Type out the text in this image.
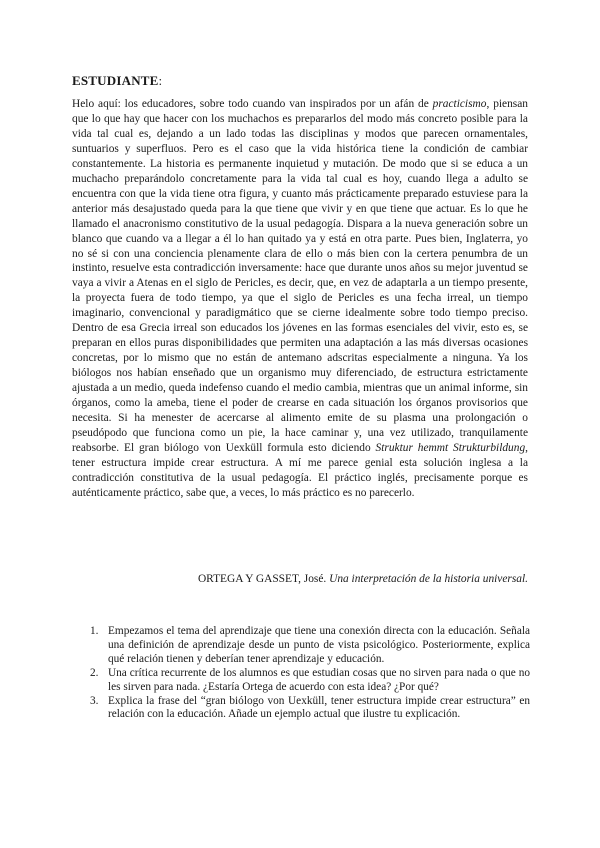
ESTUDIANTE:

Helo aquí: los educadores, sobre todo cuando van inspirados por un afán de practicismo, piensan que lo que hay que hacer con los muchachos es prepararlos del modo más concreto posible para la vida tal cual es, dejando a un lado todas las disciplinas y modos que parecen ornamentales, suntuarios y superfluos. Pero es el caso que la vida histórica tiene la condición de cambiar constantemente. La historia es permanente inquietud y mutación. De modo que si se educa a un muchacho preparándolo concretamente para la vida tal cual es hoy, cuando llega a adulto se encuentra con que la vida tiene otra figura, y cuanto más prácticamente preparado estuviese para la anterior más desajustado queda para la que tiene que vivir y en que tiene que actuar. Es lo que he llamado el anacronismo constitutivo de la usual pedagogía. Dispara a la nueva generación sobre un blanco que cuando va a llegar a él lo han quitado ya y está en otra parte. Pues bien, Inglaterra, yo no sé si con una conciencia plenamente clara de ello o más bien con la certera penumbra de un instinto, resuelve esta contradicción inversamente: hace que durante unos años su mejor juventud se vaya a vivir a Atenas en el siglo de Pericles, es decir, que, en vez de adaptarla a un tiempo presente, la proyecta fuera de todo tiempo, ya que el siglo de Pericles es una fecha irreal, un tiempo imaginario, convencional y paradigmático que se cierne idealmente sobre todo tiempo preciso. Dentro de esa Grecia irreal son educados los jóvenes en las formas esenciales del vivir, esto es, se preparan en ellos puras disponibilidades que permiten una adaptación a las más diversas ocasiones concretas, por lo mismo que no están de antemano adscritas especialmente a ninguna. Ya los biólogos nos habían enseñado que un organismo muy diferenciado, de estructura estrictamente ajustada a un medio, queda indefenso cuando el medio cambia, mientras que un animal informe, sin órganos, como la ameba, tiene el poder de crearse en cada situación los órganos provisorios que necesita. Si ha menester de acercarse al alimento emite de su plasma una prolongación o pseudópodo que funciona como un pie, la hace caminar y, una vez utilizado, tranquilamente reabsorbe. El gran biólogo von Uexküll formula esto diciendo Struktur hemmt Strukturbildung, tener estructura impide crear estructura. A mí me parece genial esta solución inglesa a la contradicción constitutiva de la usual pedagogía. El práctico inglés, precisamente porque es auténticamente práctico, sabe que, a veces, lo más práctico es no parecerlo.

ORTEGA Y GASSET, José. Una interpretación de la historia universal.
1. Empezamos el tema del aprendizaje que tiene una conexión directa con la educación. Señala una definición de aprendizaje desde un punto de vista psicológico. Posteriormente, explica qué relación tienen y deberían tener aprendizaje y educación.
2. Una crítica recurrente de los alumnos es que estudian cosas que no sirven para nada o que no les sirven para nada. ¿Estaría Ortega de acuerdo con esta idea? ¿Por qué?
3. Explica la frase del “gran biólogo von Uexküll, tener estructura impide crear estructura” en relación con la educación. Añade un ejemplo actual que ilustre tu explicación.
